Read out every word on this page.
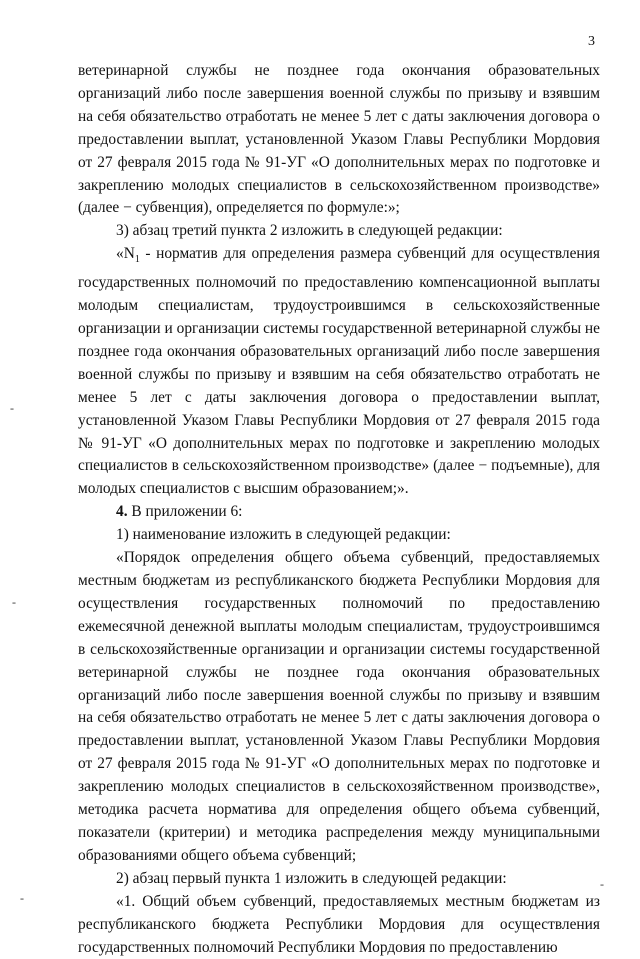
3
-
-
-
-

ветеринарной службы не позднее года окончания образовательных организаций либо после завершения военной службы по призыву и взявшим на себя обязательство отработать не менее 5 лет с даты заключения договора о предоставлении выплат, установленной Указом Главы Республики Мордовия от 27 февраля 2015 года № 91-УГ «О дополнительных мерах по подготовке и закреплению молодых специалистов в сельскохозяйственном производстве» (далее − субвенция), определяется по формуле:»;

3) абзац третий пункта 2 изложить в следующей редакции:

«$N_1$ - норматив для определения размера субвенций для осуществления государственных полномочий по предоставлению компенсационной выплаты молодым специалистам, трудоустроившимся в сельскохозяйственные организации и организации системы государственной ветеринарной службы не позднее года окончания образовательных организаций либо после завершения военной службы по призыву и взявшим на себя обязательство отработать не менее 5 лет с даты заключения договора о предоставлении выплат, установленной Указом Главы Республики Мордовия от 27 февраля 2015 года № 91-УГ «О дополнительных мерах по подготовке и закреплению молодых специалистов в сельскохозяйственном производстве» (далее − подъемные), для молодых специалистов с высшим образованием;».

4. В приложении 6:

1) наименование изложить в следующей редакции:

«Порядок определения общего объема субвенций, предоставляемых местным бюджетам из республиканского бюджета Республики Мордовия для осуществления государственных полномочий по предоставлению ежемесячной денежной выплаты молодым специалистам, трудоустроившимся в сельскохозяйственные организации и организации системы государственной ветеринарной службы не позднее года окончания образовательных организаций либо после завершения военной службы по призыву и взявшим на себя обязательство отработать не менее 5 лет с даты заключения договора о предоставлении выплат, установленной Указом Главы Республики Мордовия от 27 февраля 2015 года № 91-УГ «О дополнительных мерах по подготовке и закреплению молодых специалистов в сельскохозяйственном производстве», методика расчета норматива для определения общего объема субвенций, показатели (критерии) и методика распределения между муниципальными образованиями общего объема субвенций;

2) абзац первый пункта 1 изложить в следующей редакции:

«1. Общий объем субвенций, предоставляемых местным бюджетам из республиканского бюджета Республики Мордовия для осуществления государственных полномочий Республики Мордовия по предоставлению
